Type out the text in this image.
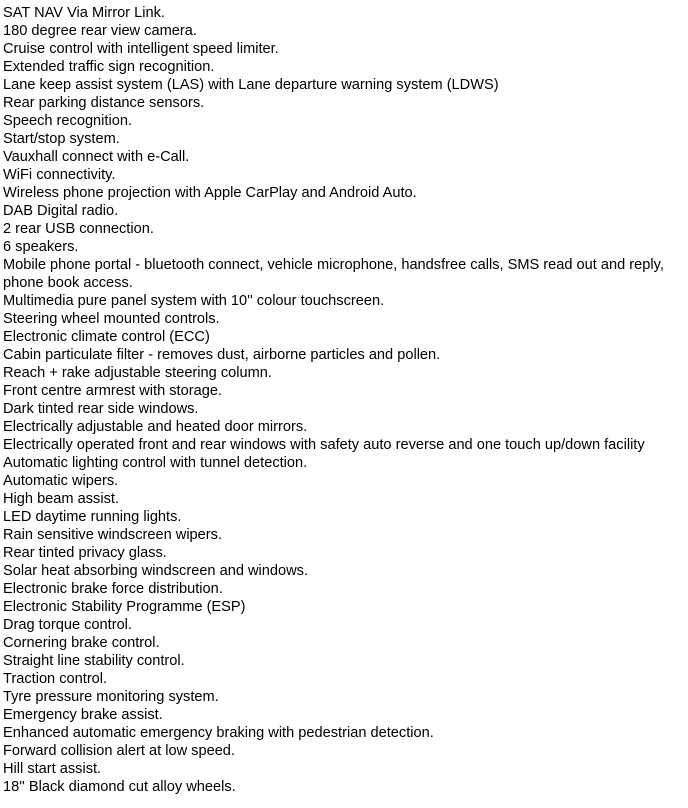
SAT NAV Via Mirror Link.
180 degree rear view camera.
Cruise control with intelligent speed limiter.
Extended traffic sign recognition.
Lane keep assist system (LAS) with Lane departure warning system (LDWS)
Rear parking distance sensors.
Speech recognition.
Start/stop system.
Vauxhall connect with e-Call.
WiFi connectivity.
Wireless phone projection with Apple CarPlay and Android Auto.
DAB Digital radio.
2 rear USB connection.
6 speakers.
Mobile phone portal - bluetooth connect, vehicle microphone, handsfree calls, SMS read out and reply, phone book access.
Multimedia pure panel system with 10'' colour touchscreen.
Steering wheel mounted controls.
Electronic climate control (ECC)
Cabin particulate filter - removes dust, airborne particles and pollen.
Reach + rake adjustable steering column.
Front centre armrest with storage.
Dark tinted rear side windows.
Electrically adjustable and heated door mirrors.
Electrically operated front and rear windows with safety auto reverse and one touch up/down facility
Automatic lighting control with tunnel detection.
Automatic wipers.
High beam assist.
LED daytime running lights.
Rain sensitive windscreen wipers.
Rear tinted privacy glass.
Solar heat absorbing windscreen and windows.
Electronic brake force distribution.
Electronic Stability Programme (ESP)
Drag torque control.
Cornering brake control.
Straight line stability control.
Traction control.
Tyre pressure monitoring system.
Emergency brake assist.
Enhanced automatic emergency braking with pedestrian detection.
Forward collision alert at low speed.
Hill start assist.
18'' Black diamond cut alloy wheels.
